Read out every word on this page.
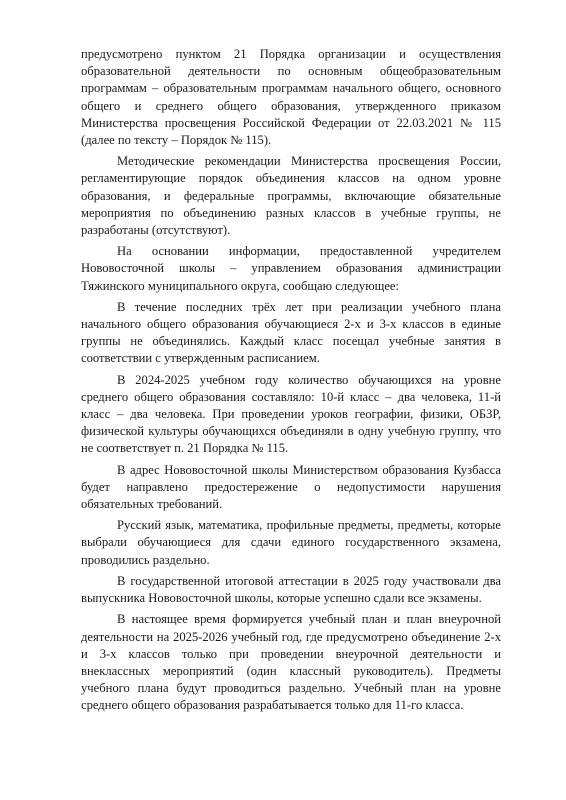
предусмотрено пунктом 21 Порядка организации и осуществления образовательной деятельности по основным общеобразовательным программам – образовательным программам начального общего, основного общего и среднего общего образования, утвержденного приказом Министерства просвещения Российской Федерации от 22.03.2021 № 115 (далее по тексту – Порядок № 115).

Методические рекомендации Министерства просвещения России, регламентирующие порядок объединения классов на одном уровне образования, и федеральные программы, включающие обязательные мероприятия по объединению разных классов в учебные группы, не разработаны (отсутствуют).

На основании информации, предоставленной учредителем Нововосточной школы – управлением образования администрации Тяжинского муниципального округа, сообщаю следующее:

В течение последних трёх лет при реализации учебного плана начального общего образования обучающиеся 2-х и 3-х классов в единые группы не объединялись. Каждый класс посещал учебные занятия в соответствии с утвержденным расписанием.

В 2024-2025 учебном году количество обучающихся на уровне среднего общего образования составляло: 10-й класс – два человека, 11-й класс – два человека. При проведении уроков географии, физики, ОБЗР, физической культуры обучающихся объединяли в одну учебную группу, что не соответствует п. 21 Порядка № 115.

В адрес Нововосточной школы Министерством образования Кузбасса будет направлено предостережение о недопустимости нарушения обязательных требований.

Русский язык, математика, профильные предметы, предметы, которые выбрали обучающиеся для сдачи единого государственного экзамена, проводились раздельно.

В государственной итоговой аттестации в 2025 году участвовали два выпускника Нововосточной школы, которые успешно сдали все экзамены.

В настоящее время формируется учебный план и план внеурочной деятельности на 2025-2026 учебный год, где предусмотрено объединение 2-х и 3-х классов только при проведении внеурочной деятельности и внеклассных мероприятий (один классный руководитель). Предметы учебного плана будут проводиться раздельно. Учебный план на уровне среднего общего образования разрабатывается только для 11-го класса.
